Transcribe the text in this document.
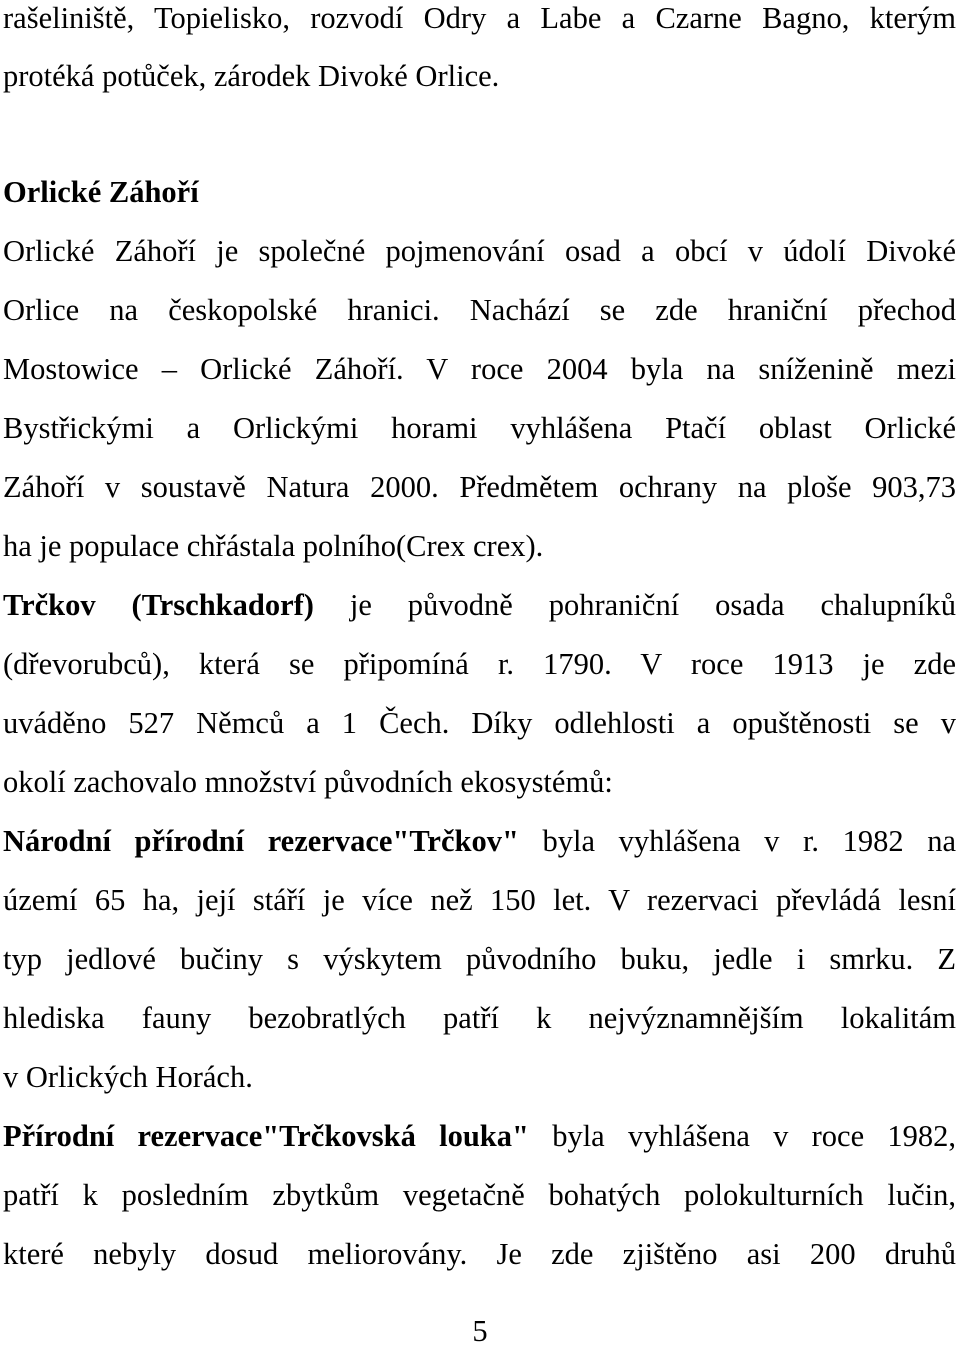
rašeliniště, Topielisko, rozvodí Odry a Labe a Czarne Bagno, kterým
protéká potůček, zárodek Divoké Orlice.
Orlické Záhoří
Orlické Záhoří je společné pojmenování osad a obcí v údolí Divoké
Orlice na českopolské hranici. Nachází se zde hraniční přechod
Mostowice – Orlické Záhoří. V roce 2004 byla na sníženině mezi
Bystřickými a Orlickými horami vyhlášena Ptačí oblast Orlické
Záhoří v soustavě Natura 2000. Předmětem ochrany na ploše 903,73
ha je populace chřástala polního(Crex crex).
Trčkov (Trschkadorf) je původně pohraniční osada chalupníků
(dřevorubců), která se připomíná r. 1790. V roce 1913 je zde
uváděno 527 Němců a 1 Čech. Díky odlehlosti a opuštěnosti se v
okolí zachovalo množství původních ekosystémů:
Národní přírodní rezervace"Trčkov" byla vyhlášena v r. 1982 na
území 65 ha, její stáří je více než 150 let. V rezervaci převládá lesní
typ jedlové bučiny s výskytem původního buku, jedle i smrku. Z
hlediska fauny bezobratlých patří k nejvýznamnějším lokalitám
v Orlických Horách.
Přírodní rezervace"Trčkovská louka" byla vyhlášena v roce 1982,
patří k posledním zbytkům vegetačně bohatých polokulturních lučin,
které nebyly dosud meliorovány. Je zde zjištěno asi 200 druhů
5
